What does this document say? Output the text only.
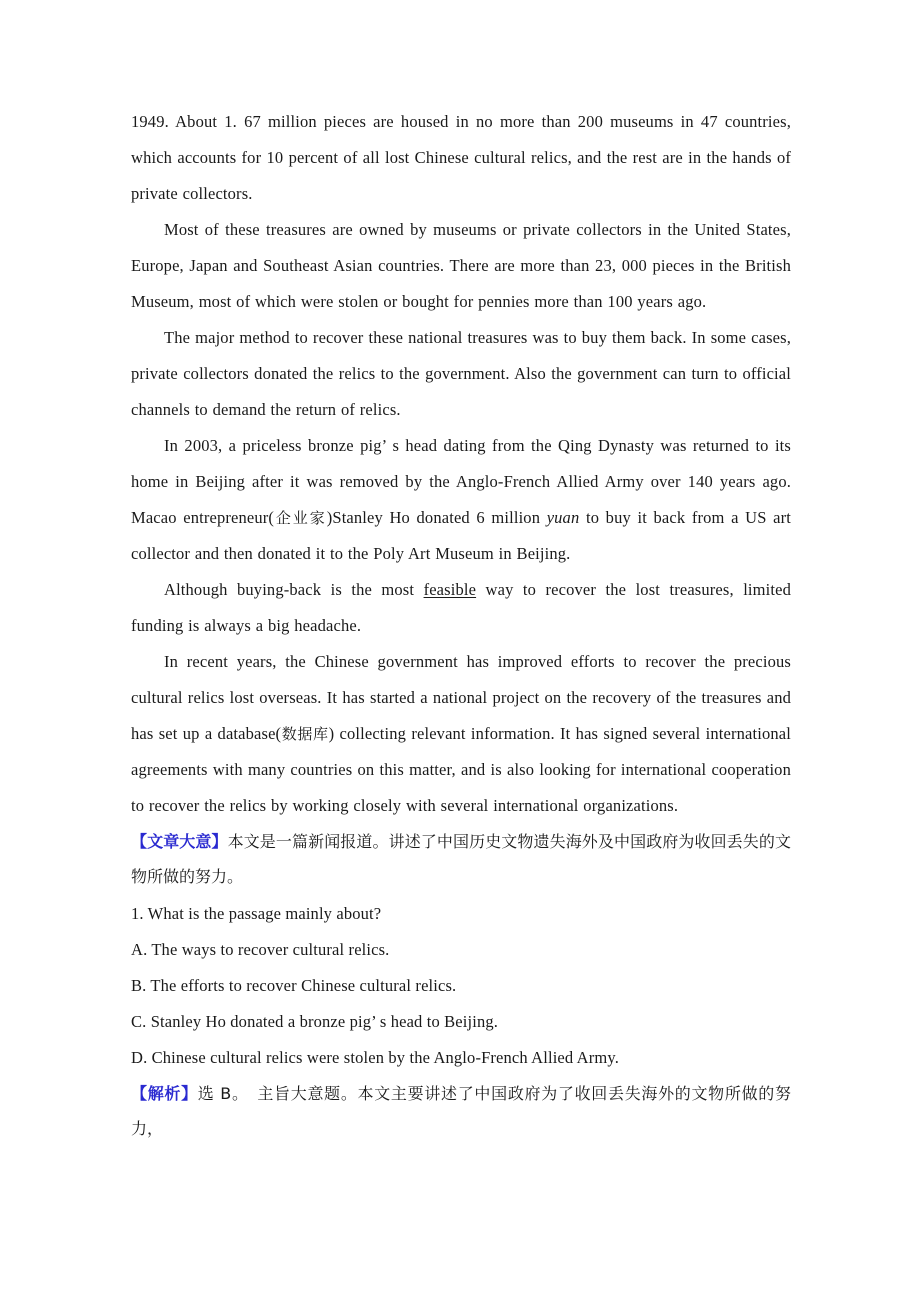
1949. About 1. 67 million pieces are housed in no more than 200 museums in 47 countries, which accounts for 10 percent of all lost Chinese cultural relics, and the rest are in the hands of private collectors.

Most of these treasures are owned by museums or private collectors in the United States, Europe, Japan and Southeast Asian countries. There are more than 23, 000 pieces in the British Museum, most of which were stolen or bought for pennies more than 100 years ago.

The major method to recover these national treasures was to buy them back. In some cases, private collectors donated the relics to the government. Also the government can turn to official channels to demand the return of relics.

In 2003, a priceless bronze pig’ s head dating from the Qing Dynasty was returned to its home in Beijing after it was removed by the Anglo-French Allied Army over 140 years ago. Macao entrepreneur(企业家)Stanley Ho donated 6 million yuan to buy it back from a US art collector and then donated it to the Poly Art Museum in Beijing.

Although buying-back is the most feasible way to recover the lost treasures, limited funding is always a big headache.

In recent years, the Chinese government has improved efforts to recover the precious cultural relics lost overseas. It has started a national project on the recovery of the treasures and has set up a database(数据库) collecting relevant information. It has signed several international agreements with many countries on this matter, and is also looking for international cooperation to recover the relics by working closely with several international organizations.

【文章大意】本文是一篇新闻报道。讲述了中国历史文物遗失海外及中国政府为收回丢失的文物所做的努力。

1. What is the passage mainly about?

A. The ways to recover cultural relics.

B. The efforts to recover Chinese cultural relics.

C. Stanley Ho donated a bronze pig’ s head to Beijing.

D. Chinese cultural relics were stolen by the Anglo-French Allied Army.

【解析】选 B。　主旨大意题。本文主要讲述了中国政府为了收回丢失海外的文物所做的努力，
